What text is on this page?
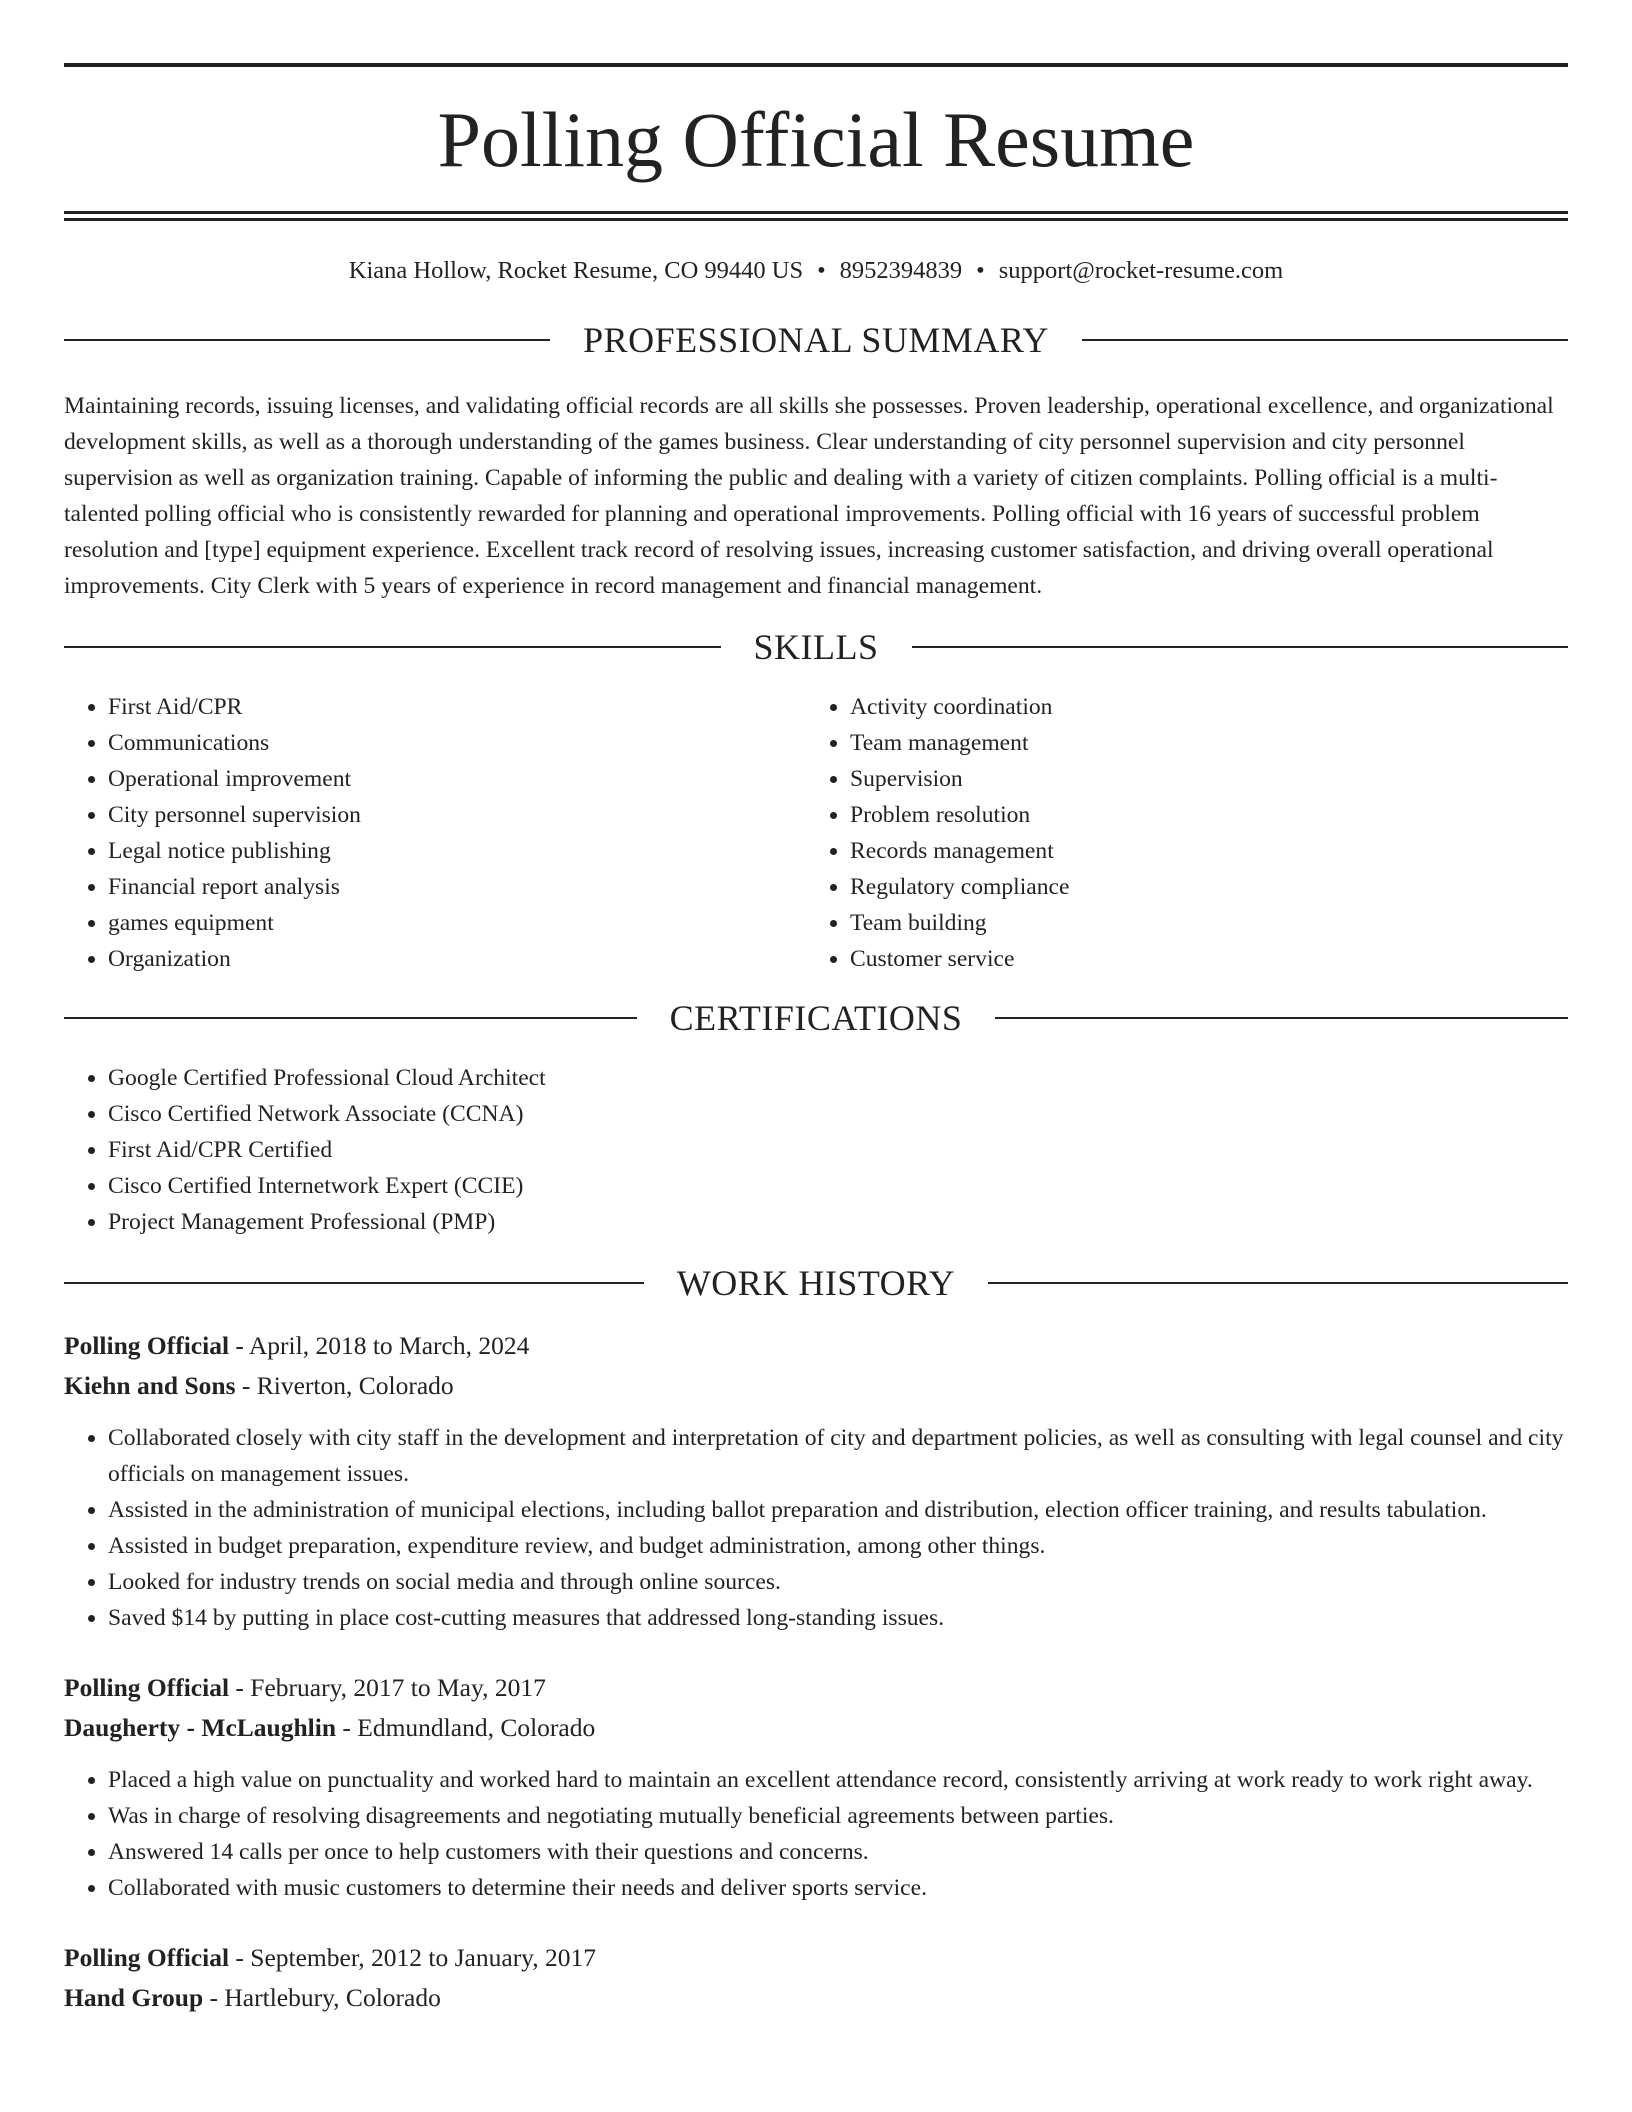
Polling Official Resume
Kiana Hollow, Rocket Resume, CO 99440 US • 8952394839 • support@rocket-resume.com
PROFESSIONAL SUMMARY

Maintaining records, issuing licenses, and validating official records are all skills she possesses. Proven leadership, operational excellence, and organizational development skills, as well as a thorough understanding of the games business. Clear understanding of city personnel supervision and city personnel supervision as well as organization training. Capable of informing the public and dealing with a variety of citizen complaints. Polling official is a multi-talented polling official who is consistently rewarded for planning and operational improvements. Polling official with 16 years of successful problem resolution and [type] equipment experience. Excellent track record of resolving issues, increasing customer satisfaction, and driving overall operational improvements. City Clerk with 5 years of experience in record management and financial management.

SKILLS
• First Aid/CPR
• Communications
• Operational improvement
• City personnel supervision
• Legal notice publishing
• Financial report analysis
• games equipment
• Organization
• Activity coordination
• Team management
• Supervision
• Problem resolution
• Records management
• Regulatory compliance
• Team building
• Customer service
CERTIFICATIONS
• Google Certified Professional Cloud Architect
• Cisco Certified Network Associate (CCNA)
• First Aid/CPR Certified
• Cisco Certified Internetwork Expert (CCIE)
• Project Management Professional (PMP)
WORK HISTORY
Polling Official - April, 2018 to March, 2024
Kiehn and Sons - Riverton, Colorado
• Collaborated closely with city staff in the development and interpretation of city and department policies, as well as consulting with legal counsel and city officials on management issues.
• Assisted in the administration of municipal elections, including ballot preparation and distribution, election officer training, and results tabulation.
• Assisted in budget preparation, expenditure review, and budget administration, among other things.
• Looked for industry trends on social media and through online sources.
• Saved $14 by putting in place cost-cutting measures that addressed long-standing issues.
Polling Official - February, 2017 to May, 2017
Daugherty - McLaughlin - Edmundland, Colorado
• Placed a high value on punctuality and worked hard to maintain an excellent attendance record, consistently arriving at work ready to work right away.
• Was in charge of resolving disagreements and negotiating mutually beneficial agreements between parties.
• Answered 14 calls per once to help customers with their questions and concerns.
• Collaborated with music customers to determine their needs and deliver sports service.
Polling Official - September, 2012 to January, 2017
Hand Group - Hartlebury, Colorado
